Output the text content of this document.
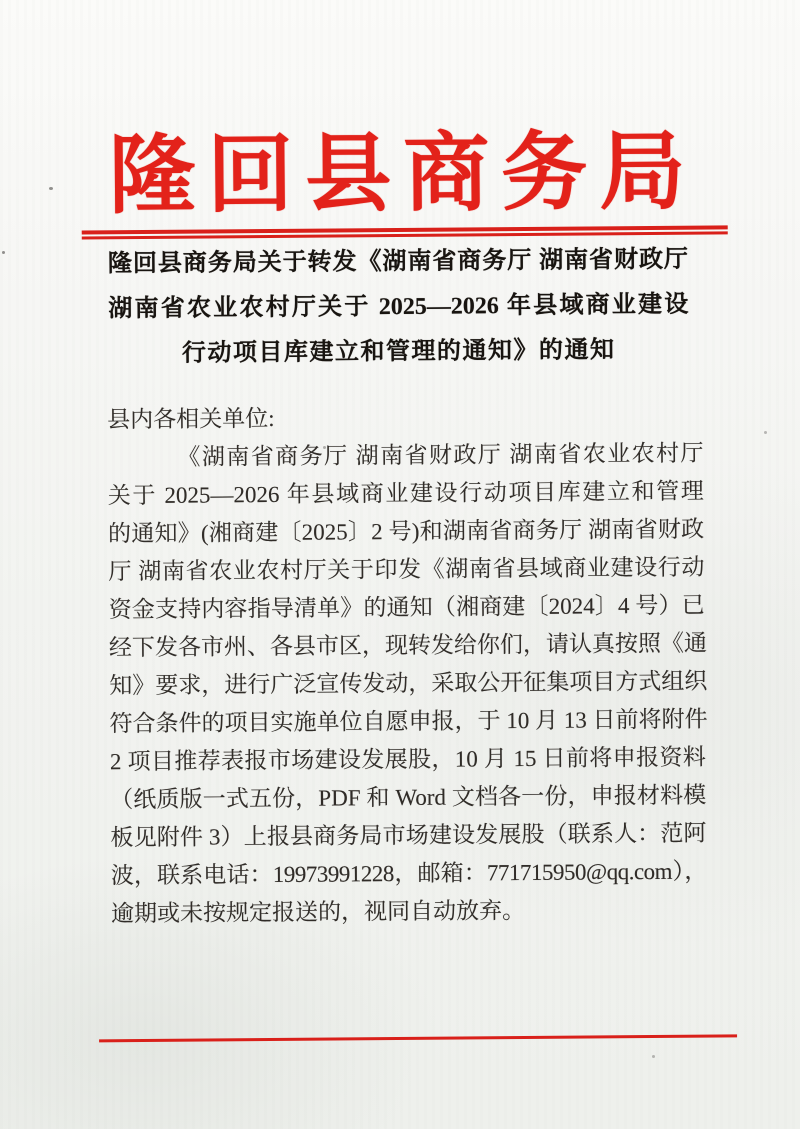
隆回县商务局
隆回县商务局关于转发《湖南省商务厅 湖南省财政厅
湖南省农业农村厅关于 2025—2026 年县域商业建设
行动项目库建立和管理的通知》的通知
县内各相关单位:
《湖南省商务厅 湖南省财政厅 湖南省农业农村厅
关于 2025—2026 年县域商业建设行动项目库建立和管理
的通知》(湘商建〔2025〕2 号)和湖南省商务厅 湖南省财政
厅 湖南省农业农村厅关于印发《湖南省县域商业建设行动
资金支持内容指导清单》的通知（湘商建〔2024〕4 号）已
经下发各市州、各县市区，现转发给你们，请认真按照《通
知》要求，进行广泛宣传发动，采取公开征集项目方式组织
符合条件的项目实施单位自愿申报，于 10 月 13 日前将附件
2 项目推荐表报市场建设发展股，10 月 15 日前将申报资料
（纸质版一式五份，PDF 和 Word 文档各一份，申报材料模
板见附件 3）上报县商务局市场建设发展股（联系人：范阿
波，联系电话：19973991228，邮箱：771715950@qq.com），
逾期或未按规定报送的，视同自动放弃。
